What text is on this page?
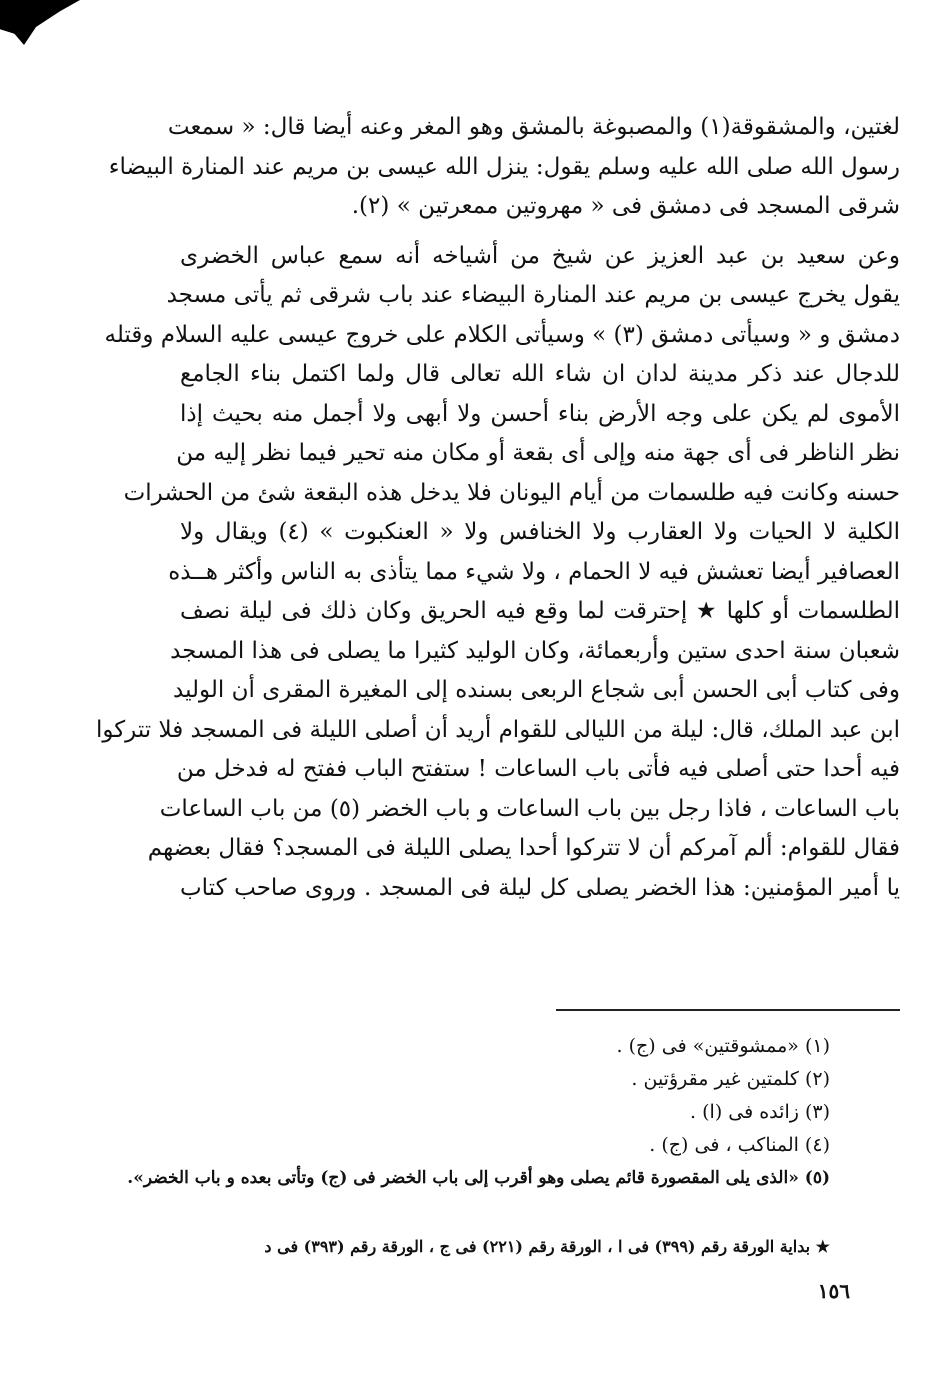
لغتين، والمشقوقة(١) والمصبوغة بالمشق وهو المغر وعنه أيضا قال: « سمعت
رسول الله صلى الله عليه وسلم يقول: ينزل الله عيسى بن مريم عند المنارة البيضاء
شرقى المسجد فى دمشق فى « مهروتين ممعرتين » (٢).
وعن سعيد بن عبد العزيز عن شيخ من أشياخه أنه سمع عباس الخضرى
يقول يخرج عيسى بن مريم عند المنارة البيضاء عند باب شرقى ثم يأتى مسجد
دمشق و « وسيأتى دمشق (٣) » وسيأتى الكلام على خروج عيسى عليه السلام وقتله
للدجال عند ذكر مدينة لدان ان شاء الله تعالى قال ولما اكتمل بناء الجامع
الأموى لم يكن على وجه الأرض بناء أحسن ولا أبهى ولا أجمل منه بحيث إذا
نظر الناظر فى أى جهة منه وإلى أى بقعة أو مكان منه تحير فيما نظر إليه من
حسنه وكانت فيه طلسمات من أيام اليونان فلا يدخل هذه البقعة شئ من الحشرات
الكلية لا الحيات ولا العقارب ولا الخنافس ولا « العنكبوت » (٤) ويقال ولا
العصافير أيضا تعشش فيه لا الحمام ، ولا شيء مما يتأذى به الناس وأكثر هــذه
الطلسمات أو كلها ★ إحترقت لما وقع فيه الحريق وكان ذلك فى ليلة نصف
شعبان سنة احدى ستين وأربعمائة، وكان الوليد كثيرا ما يصلى فى هذا المسجد
وفى كتاب أبى الحسن أبى شجاع الربعى بسنده إلى المغيرة المقرى أن الوليد
ابن عبد الملك، قال: ليلة من الليالى للقوام أريد أن أصلى الليلة فى المسجد فلا تتركوا
فيه أحدا حتى أصلى فيه فأتى باب الساعات ! ستفتح الباب ففتح له فدخل من
باب الساعات ، فاذا رجل بين باب الساعات و باب الخضر (٥) من باب الساعات
فقال للقوام: ألم آمركم أن لا تتركوا أحدا يصلى الليلة فى المسجد؟ فقال بعضهم
يا أمير المؤمنين: هذا الخضر يصلى كل ليلة فى المسجد . وروى صاحب كتاب
(١) «ممشوقتين» فى (ج) .
(٢) كلمتين غير مقرؤتين .
(٣) زائده فى (ا) .
(٤) المناكب ، فى (ج) .
(٥) «الذى يلى المقصورة قائم يصلى وهو أقرب إلى باب الخضر فى (ج) وتأتى بعده و باب الخضر».
★ بداية الورقة رقم (٣٩٩) فى ا ، الورقة رقم (٢٢١) فى ج ، الورقة رقم (٣٩٣) فى د
١٥٦
